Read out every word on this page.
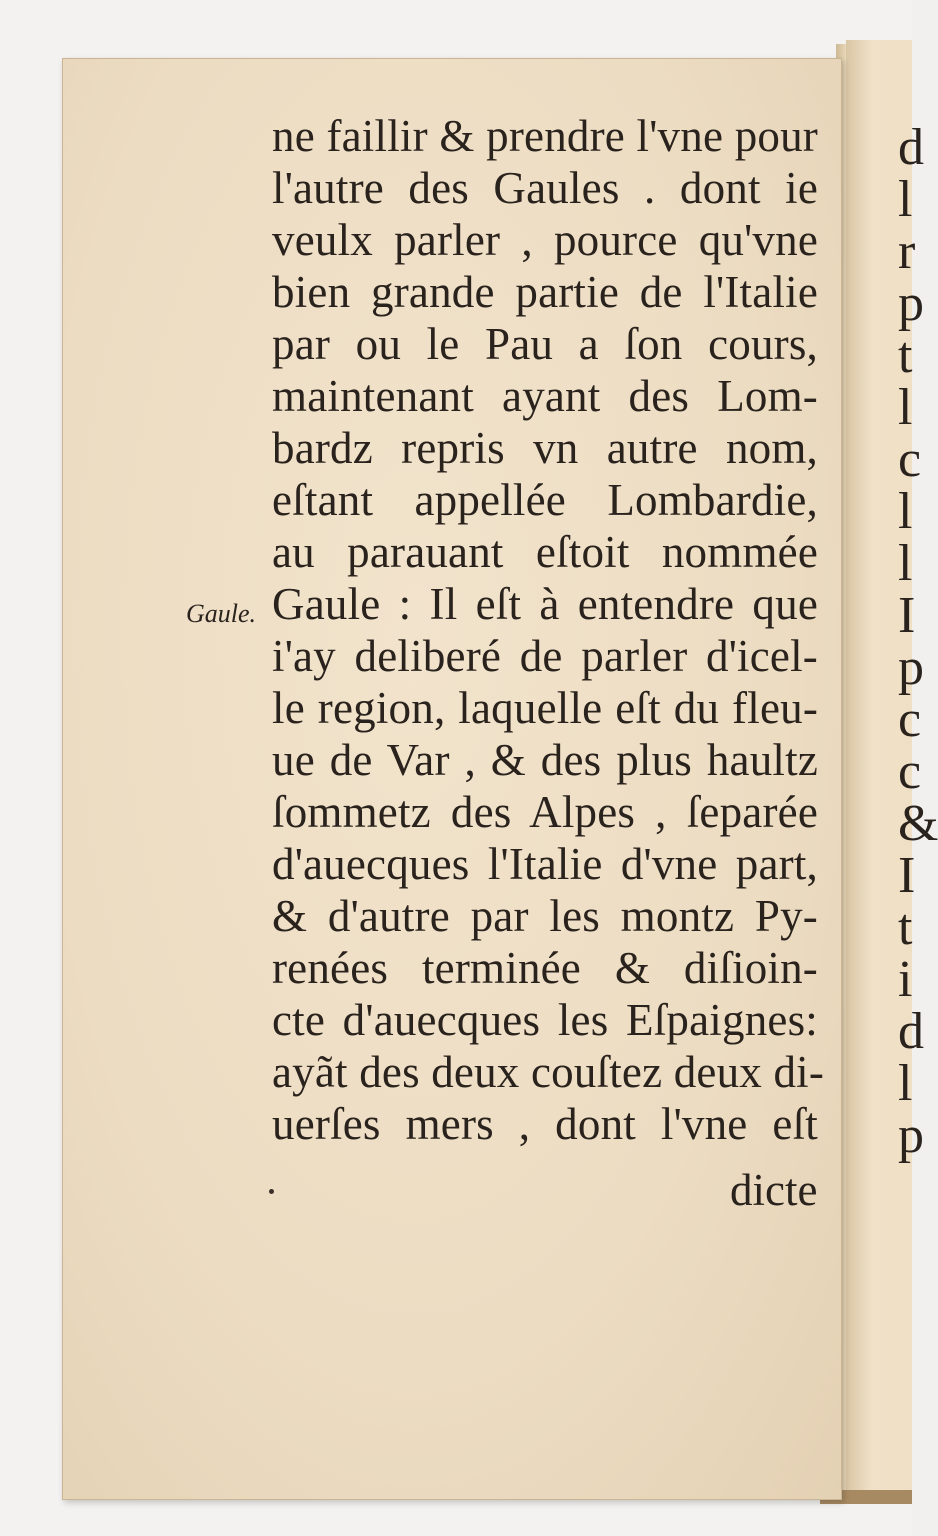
d
l
r
p
t
l
c
l
l
I
p
c
c
&
I
t
i
d
l
p
Gaule.
ne faillir & prendre l'vne pour
l'autre des Gaules . dont ie
veulx parler , pource qu'vne
bien grande partie de l'Italie
par ou le Pau a ſon cours,
maintenant ayant des Lom-
bardz repris vn autre nom,
eſtant appellée Lombardie,
au parauant eſtoit nommée
Gaule : Il eſt à entendre que
i'ay deliberé de parler d'icel-
le region, laquelle eſt du fleu-
ue de Var , & des plus haultz
ſommetz des Alpes , ſeparée
d'auecques l'Italie d'vne part,
& d'autre par les montz Py-
renées terminée & diſioin-
cte d'auecques les Eſpaignes:
ayãt des deux couſtez deux di-
uerſes mers , dont l'vne eſt
dicte
